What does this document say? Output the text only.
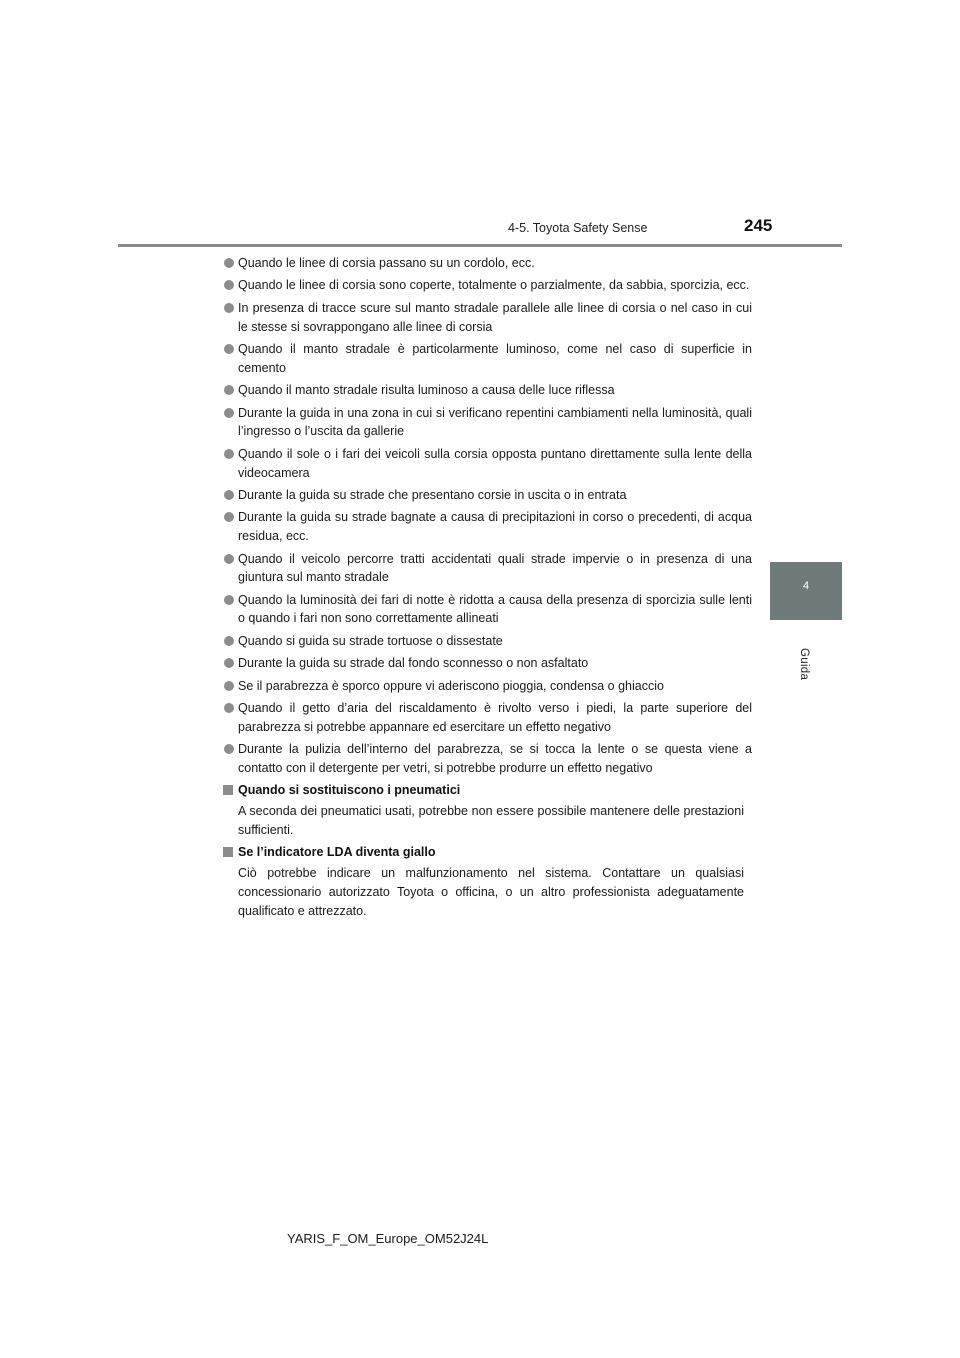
4-5. Toyota Safety Sense	245
4
Guida
Quando le linee di corsia passano su un cordolo, ecc.
Quando le linee di corsia sono coperte, totalmente o parzialmente, da sabbia, sporcizia, ecc.
In presenza di tracce scure sul manto stradale parallele alle linee di corsia o nel caso in cui le stesse si sovrappongano alle linee di corsia
Quando il manto stradale è particolarmente luminoso, come nel caso di superficie in cemento
Quando il manto stradale risulta luminoso a causa delle luce riflessa
Durante la guida in una zona in cui si verificano repentini cambiamenti nella luminosità, quali l’ingresso o l’uscita da gallerie
Quando il sole o i fari dei veicoli sulla corsia opposta puntano direttamente sulla lente della videocamera
Durante la guida su strade che presentano corsie in uscita o in entrata
Durante la guida su strade bagnate a causa di precipitazioni in corso o precedenti, di acqua residua, ecc.
Quando il veicolo percorre tratti accidentati quali strade impervie o in presenza di una giuntura sul manto stradale
Quando la luminosità dei fari di notte è ridotta a causa della presenza di sporcizia sulle lenti o quando i fari non sono correttamente allineati
Quando si guida su strade tortuose o dissestate
Durante la guida su strade dal fondo sconnesso o non asfaltato
Se il parabrezza è sporco oppure vi aderiscono pioggia, condensa o ghiaccio
Quando il getto d’aria del riscaldamento è rivolto verso i piedi, la parte superiore del parabrezza si potrebbe appannare ed esercitare un effetto negativo
Durante la pulizia dell’interno del parabrezza, se si tocca la lente o se questa viene a contatto con il detergente per vetri, si potrebbe produrre un effetto negativo
Quando si sostituiscono i pneumatici
A seconda dei pneumatici usati, potrebbe non essere possibile mantenere delle prestazioni sufficienti.
Se l’indicatore LDA diventa giallo
Ciò potrebbe indicare un malfunzionamento nel sistema. Contattare un qualsiasi concessionario autorizzato Toyota o officina, o un altro professionista adeguatamente qualificato e attrezzato.
YARIS_F_OM_Europe_OM52J24L
